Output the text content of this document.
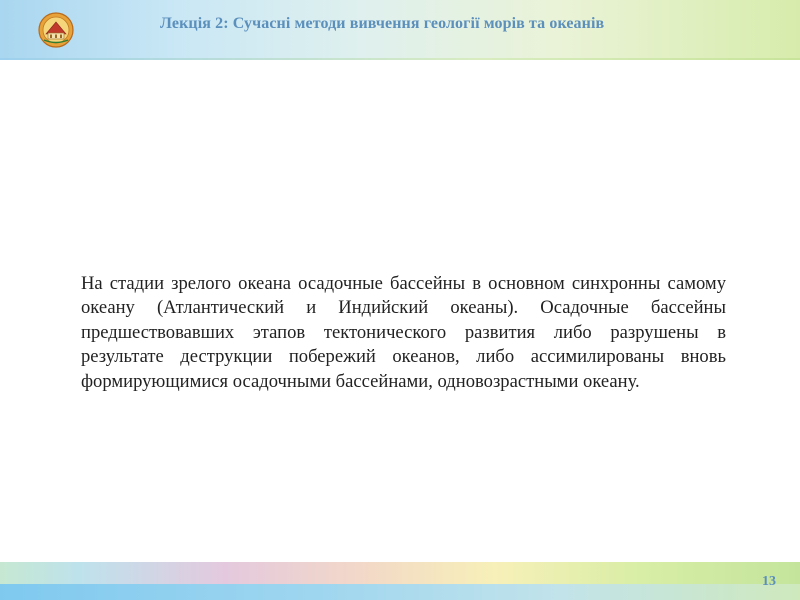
Лекція 2: Сучасні методи вивчення геології морів та океанів
На стадии зрелого океана осадочные бассейны в основном синхронны самому океану (Атлантический и Индийский океаны). Осадочные бассейны предшествовавших этапов тектонического развития либо разрушены в результате деструкции побережий океанов, либо ассимилированы вновь формирующимися осадочными бассейнами, одновозрастными океану.
13
